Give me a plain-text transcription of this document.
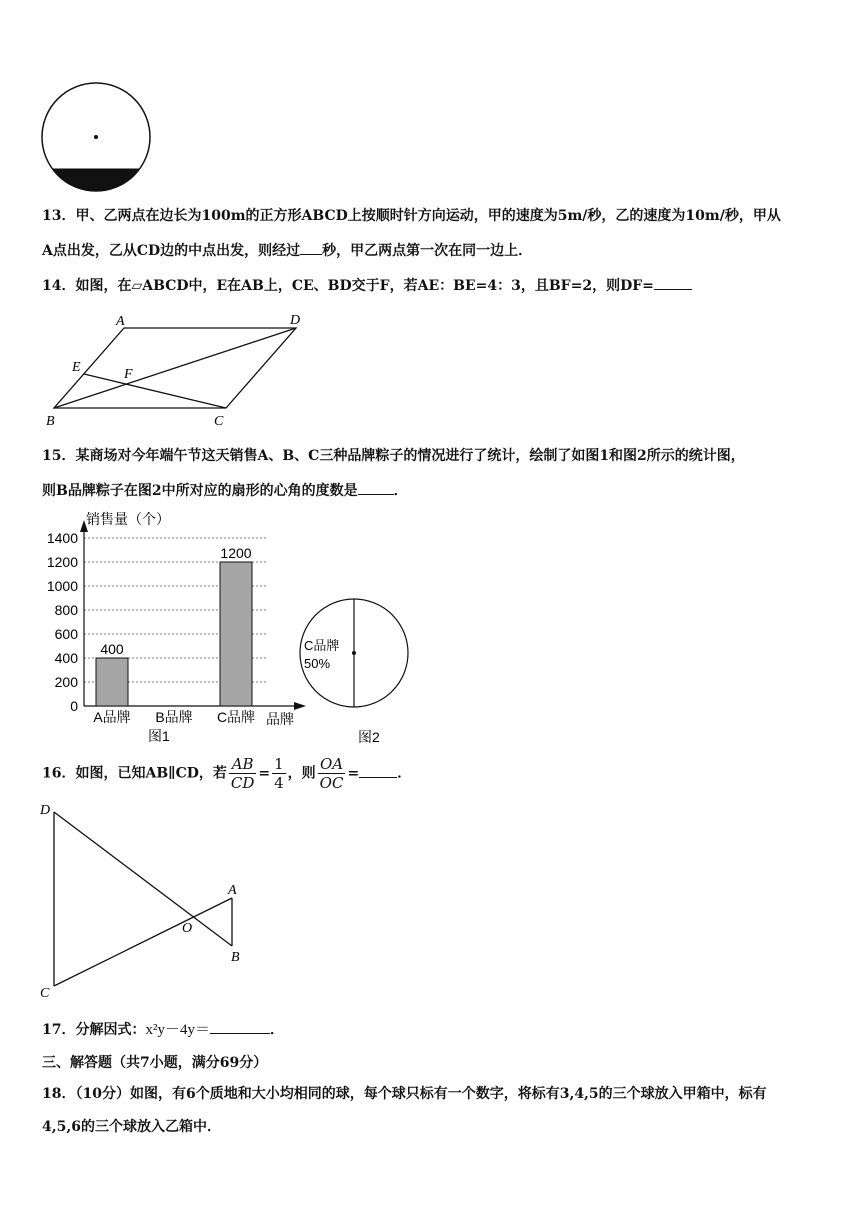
13．甲、乙两点在边长为100m的正方形ABCD上按顺时针方向运动，甲的速度为5m/秒，乙的速度为10m/秒，甲从
A点出发，乙从CD边的中点出发，则经过 秒，甲乙两点第一次在同一边上．
14．如图，在▱ABCD中，E在AB上，CE、BD交于F，若AE：BE=4：3，且BF=2，则DF=
A	D
E	F
B	C
15．某商场对今年端午节这天销售A、B、C三种品牌粽子的情况进行了统计，绘制了如图1和图2所示的统计图，
则B品牌粽子在图2中所对应的扇形的心角的度数是	．
销售量（个）
0
200
400
600
800
1000
1200
1400
400
A品牌 B品牌
1200
C品牌 品牌
图1
C品牌
50%
图2
16．如图，已知AB∥CD，若 $\frac{AB}{CD} = \frac{1}{4}$ ，则 $\frac{OA}{OC}$ =	．
D
A
O
B
C
17．分解因式：x²y－4y＝	．
三、解答题（共7小题，满分69分）
18．（10分）如图，有6个质地和大小均相同的球，每个球只标有一个数字，将标有3,4,5的三个球放入甲箱中，标有
4,5,6的三个球放入乙箱中．
